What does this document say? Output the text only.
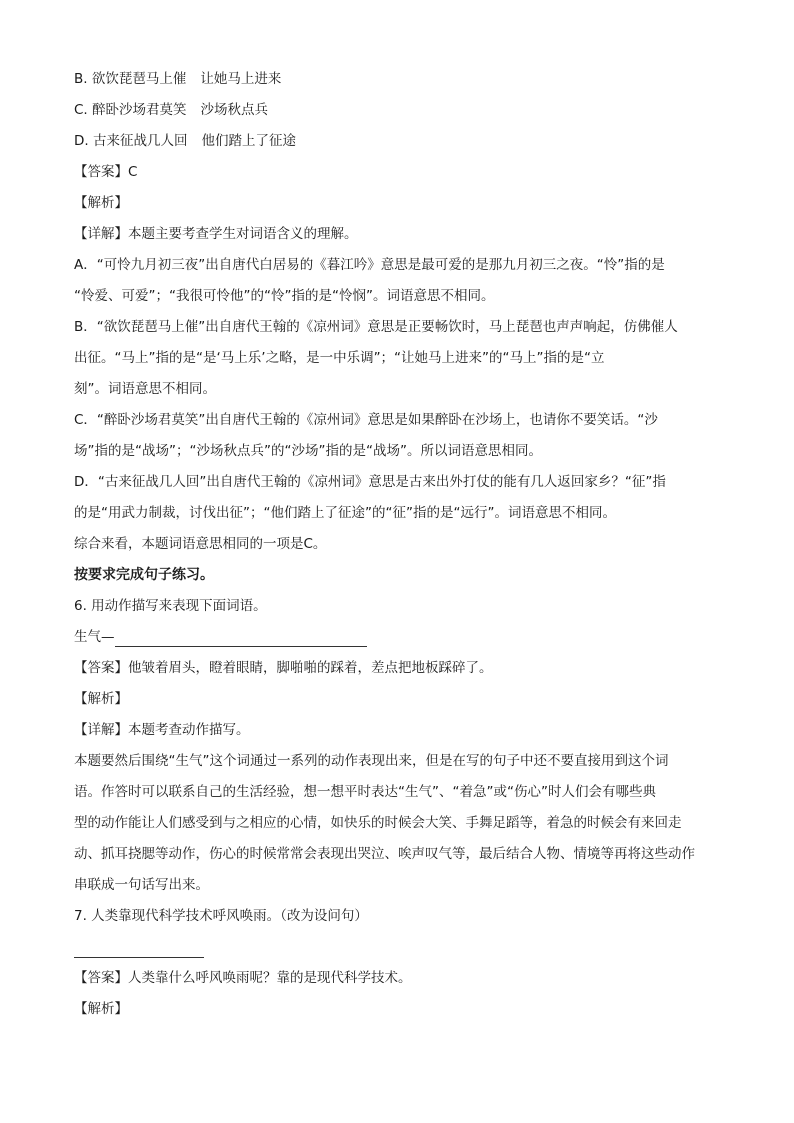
B. 欲饮琵琶马上催 让她马上进来
C. 醉卧沙场君莫笑 沙场秋点兵
D. 古来征战几人回 他们踏上了征途
【答案】C
【解析】
【详解】本题主要考查学生对词语含义的理解。
A．“可怜九月初三夜”出自唐代白居易的《暮江吟》意思是最可爱的是那九月初三之夜。“怜”指的是
“怜爱、可爱”；“我很可怜他”的“怜”指的是“怜悯”。词语意思不相同。
B．“欲饮琵琶马上催”出自唐代王翰的《凉州词》意思是正要畅饮时，马上琵琶也声声响起，仿佛催人
出征。“马上”指的是“是‘马上乐’之略，是一中乐调”；“让她马上进来”的“马上”指的是“立
刻”。词语意思不相同。
C．“醉卧沙场君莫笑”出自唐代王翰的《凉州词》意思是如果醉卧在沙场上，也请你不要笑话。“沙
场”指的是“战场”；“沙场秋点兵”的“沙场”指的是“战场”。所以词语意思相同。
D．“古来征战几人回”出自唐代王翰的《凉州词》意思是古来出外打仗的能有几人返回家乡？“征”指
的是“用武力制裁，讨伐出征”；“他们踏上了征途”的“征”指的是“远行”。词语意思不相同。
综合来看，本题词语意思相同的一项是C。
按要求完成句子练习。
6. 用动作描写来表现下面词语。
生气—
【答案】他皱着眉头，瞪着眼睛，脚啪啪的踩着，差点把地板踩碎了。
【解析】
【详解】本题考查动作描写。
本题要然后围绕“生气”这个词通过一系列的动作表现出来，但是在写的句子中还不要直接用到这个词
语。作答时可以联系自己的生活经验，想一想平时表达“生气”、“着急”或“伤心”时人们会有哪些典
型的动作能让人们感受到与之相应的心情，如快乐的时候会大笑、手舞足蹈等，着急的时候会有来回走
动、抓耳挠腮等动作，伤心的时候常常会表现出哭泣、唉声叹气等，最后结合人物、情境等再将这些动作
串联成一句话写出来。
7. 人类靠现代科学技术呼风唤雨。（改为设问句）
【答案】人类靠什么呼风唤雨呢？靠的是现代科学技术。
【解析】
